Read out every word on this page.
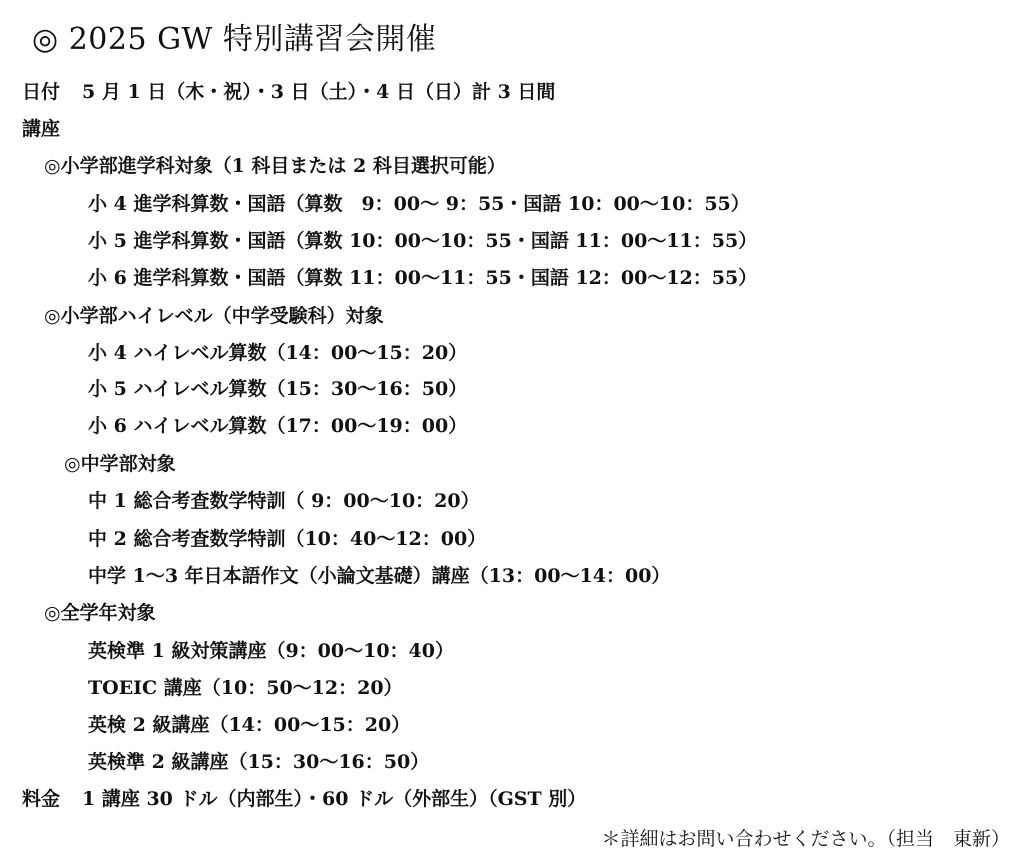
◎ 2025 GW 特別講習会開催
日付 5 月 1 日（木・祝）・3 日（土）・4 日（日）計 3 日間
講座
◎小学部進学科対象（1 科目または 2 科目選択可能）
小 4 進学科算数・国語（算数　9：00～ 9：55・国語 10：00～10：55）
小 5 進学科算数・国語（算数 10：00～10：55・国語 11：00～11：55）
小 6 進学科算数・国語（算数 11：00～11：55・国語 12：00～12：55）
◎小学部ハイレベル（中学受験科）対象
小 4 ハイレベル算数（14：00～15：20）
小 5 ハイレベル算数（15：30～16：50）
小 6 ハイレベル算数（17：00～19：00）
◎中学部対象
中 1 総合考査数学特訓（ 9：00～10：20）
中 2 総合考査数学特訓（10：40～12：00）
中学 1～3 年日本語作文（小論文基礎）講座（13：00～14：00）
◎全学年対象
英検準 1 級対策講座（9：00～10：40）
TOEIC 講座（10：50～12：20）
英検 2 級講座（14：00～15：20）
英検準 2 級講座（15：30～16：50）
料金 1 講座 30 ドル（内部生）・60 ドル（外部生）（GST 別）
＊詳細はお問い合わせください。（担当　東新）
